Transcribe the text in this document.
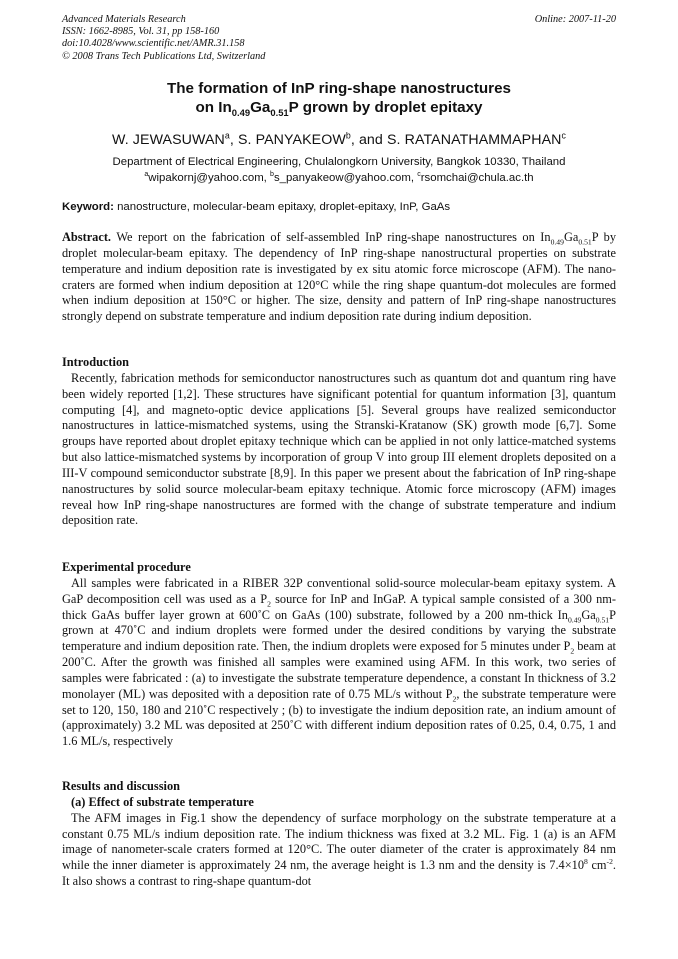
Advanced Materials Research
ISSN: 1662-8985, Vol. 31, pp 158-160
doi:10.4028/www.scientific.net/AMR.31.158
© 2008 Trans Tech Publications Ltd, Switzerland
Online: 2007-11-20
The formation of InP ring-shape nanostructures
on $In_{0.49}Ga_{0.51}P$ grown by droplet epitaxy
W. JEWASUWAN$^a$, S. PANYAKEOW$^b$, and S. RATANATHAMMAPHAN$^c$
Department of Electrical Engineering, Chulalongkorn University, Bangkok 10330, Thailand
$^a$wipakornj@yahoo.com, $^b$s_panyakeow@yahoo.com, $^c$rsomchai@chula.ac.th
Keyword: nanostructure, molecular-beam epitaxy, droplet-epitaxy, InP, GaAs

Abstract. We report on the fabrication of self-assembled InP ring-shape nanostructures on $In_{0.49}Ga_{0.51}P$ by droplet molecular-beam epitaxy. The dependency of InP ring-shape nanostructural properties on substrate temperature and indium deposition rate is investigated by ex situ atomic force microscope (AFM). The nano-craters are formed when indium deposition at 120°C while the ring shape quantum-dot molecules are formed when indium deposition at 150°C or higher. The size, density and pattern of InP ring-shape nanostructures strongly depend on substrate temperature and indium deposition rate during indium deposition.

Introduction

Recently, fabrication methods for semiconductor nanostructures such as quantum dot and quantum ring have been widely reported [1,2]. These structures have significant potential for quantum information [3], quantum computing [4], and magneto-optic device applications [5]. Several groups have realized semiconductor nanostructures in lattice-mismatched systems, using the Stranski-Kratanow (SK) growth mode [6,7]. Some groups have reported about droplet epitaxy technique which can be applied in not only lattice-matched systems but also lattice-mismatched systems by incorporation of group V into group III element droplets deposited on a III-V compound semiconductor substrate [8,9]. In this paper we present about the fabrication of InP ring-shape nanostructures by solid source molecular-beam epitaxy technique. Atomic force microscopy (AFM) images reveal how InP ring-shape nanostructures are formed with the change of substrate temperature and indium deposition rate.

Experimental procedure

All samples were fabricated in a RIBER 32P conventional solid-source molecular-beam epitaxy system. A GaP decomposition cell was used as a $P_2$ source for InP and InGaP. A typical sample consisted of a 300 nm-thick GaAs buffer layer grown at 600˚C on GaAs (100) substrate, followed by a 200 nm-thick $In_{0.49}Ga_{0.51}P$ grown at 470˚C and indium droplets were formed under the desired conditions by varying the substrate temperature and indium deposition rate. Then, the indium droplets were exposed for 5 minutes under $P_2$ beam at 200˚C. After the growth was finished all samples were examined using AFM. In this work, two series of samples were fabricated : (a) to investigate the substrate temperature dependence, a constant In thickness of 3.2 monolayer (ML) was deposited with a deposition rate of 0.75 ML/s without $P_2$, the substrate temperature were set to 120, 150, 180 and 210˚C respectively ; (b) to investigate the indium deposition rate, an indium amount of (approximately) 3.2 ML was deposited at 250˚C with different indium deposition rates of 0.25, 0.4, 0.75, 1 and 1.6 ML/s, respectively

Results and discussion
(a) Effect of substrate temperature

The AFM images in Fig.1 show the dependency of surface morphology on the substrate temperature at a constant 0.75 ML/s indium deposition rate. The indium thickness was fixed at 3.2 ML. Fig. 1 (a) is an AFM image of nanometer-scale craters formed at 120°C. The outer diameter of the crater is approximately 84 nm while the inner diameter is approximately 24 nm, the average height is 1.3 nm and the density is $7.4\times 10^8$ $cm^{-2}$. It also shows a contrast to ring-shape quantum-dot
